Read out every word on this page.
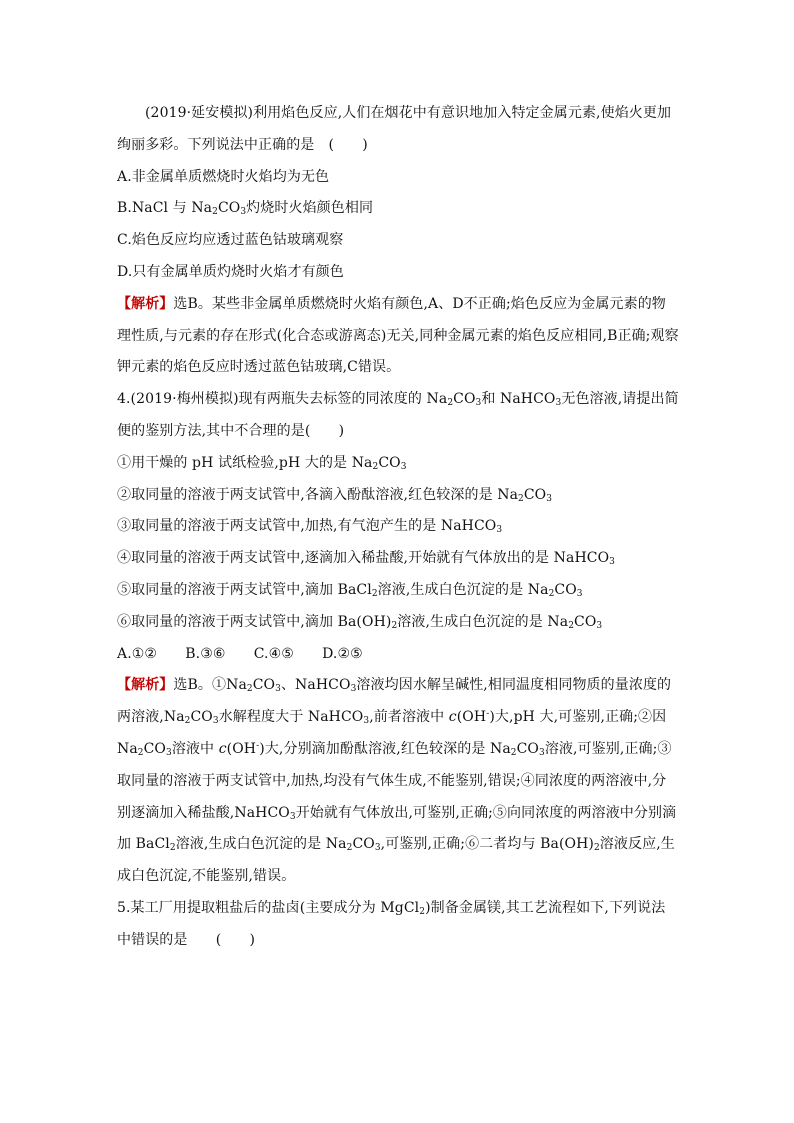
(2019·延安模拟)利用焰色反应,人们在烟花中有意识地加入特定金属元素,使焰火更加绚丽多彩。下列说法中正确的是　(　　)

A.非金属单质燃烧时火焰均为无色

B.NaCl 与 $Na_2CO_3$灼烧时火焰颜色相同

C.焰色反应均应透过蓝色钴玻璃观察

D.只有金属单质灼烧时火焰才有颜色

【解析】选B。某些非金属单质燃烧时火焰有颜色,A、D不正确;焰色反应为金属元素的物理性质,与元素的存在形式(化合态或游离态)无关,同种金属元素的焰色反应相同,B正确;观察钾元素的焰色反应时透过蓝色钴玻璃,C错误。

4.(2019·梅州模拟)现有两瓶失去标签的同浓度的 $Na_2CO_3$和 NaHCO$_3$无色溶液,请提出简便的鉴别方法,其中不合理的是(　　)

①用干燥的 pH 试纸检验,pH 大的是 $Na_2CO_3$

②取同量的溶液于两支试管中,各滴入酚酞溶液,红色较深的是 $Na_2CO_3$

③取同量的溶液于两支试管中,加热,有气泡产生的是 NaHCO$_3$

④取同量的溶液于两支试管中,逐滴加入稀盐酸,开始就有气体放出的是 NaHCO$_3$

⑤取同量的溶液于两支试管中,滴加 BaCl$_2$溶液,生成白色沉淀的是 $Na_2CO_3$

⑥取同量的溶液于两支试管中,滴加 $Ba(OH)_2$溶液,生成白色沉淀的是 $Na_2CO_3$

A.①②　　B.③⑥　　C.④⑤　　D.②⑤

【解析】选B。$①Na_2CO_3$、NaHCO$_3$溶液均因水解呈碱性,相同温度相同物质的量浓度的两溶液$,Na_2CO_3$水解程度大于 NaHCO$_3$,前者溶液中 c(OH-)大,pH 大,可鉴别,正确;②因 $Na_2CO_3$溶液中 c(OH-)大,分别滴加酚酞溶液,红色较深的是 $Na_2CO_3$溶液,可鉴别,正确;③取同量的溶液于两支试管中,加热,均没有气体生成,不能鉴别,错误;④同浓度的两溶液中,分别逐滴加入稀盐酸,NaHCO$_3$开始就有气体放出,可鉴别,正确;⑤向同浓度的两溶液中分别滴加 BaCl$_2$溶液,生成白色沉淀的是 $Na_2CO_3$,可鉴别,正确;⑥二者均与 $Ba(OH)_2$溶液反应,生成白色沉淀,不能鉴别,错误。

5.某工厂用提取粗盐后的盐卤(主要成分为 MgCl$_2$)制备金属镁,其工艺流程如下,下列说法中错误的是　　(　　)
